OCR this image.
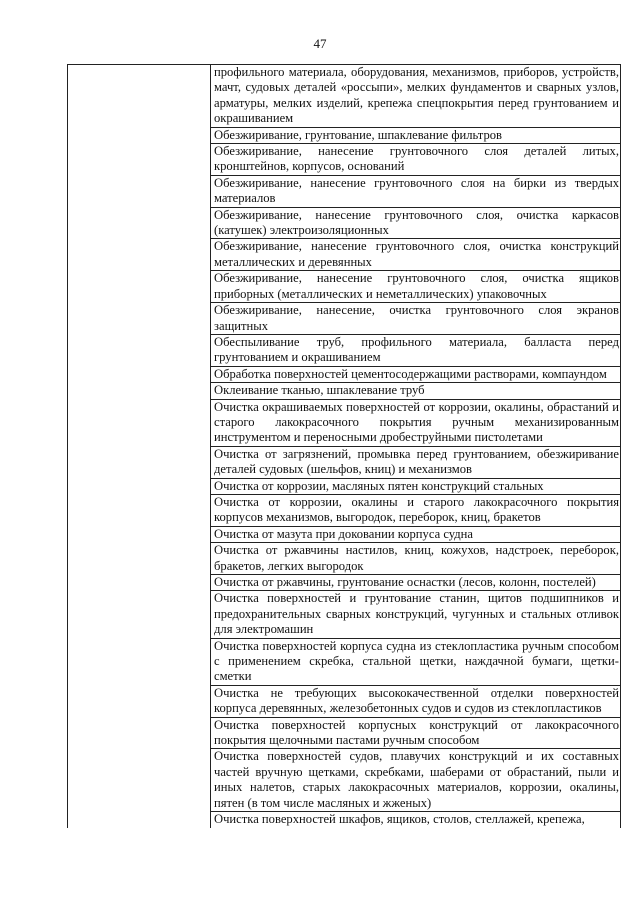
47
	профильного материала, оборудования, механизмов, приборов, устройств, мачт, судовых деталей «россыпи», мелких фундаментов и сварных узлов, арматуры, мелких изделий, крепежа спецпокрытия перед грунтованием и окрашиванием
Обезжиривание, грунтование, шпаклевание фильтров
Обезжиривание, нанесение грунтовочного слоя деталей литых, кронштейнов, корпусов, оснований
Обезжиривание, нанесение грунтовочного слоя на бирки из твердых материалов
Обезжиривание, нанесение грунтовочного слоя, очистка каркасов (катушек) электроизоляционных
Обезжиривание, нанесение грунтовочного слоя, очистка конструкций металлических и деревянных
Обезжиривание, нанесение грунтовочного слоя, очистка ящиков приборных (металлических и неметаллических) упаковочных
Обезжиривание, нанесение, очистка грунтовочного слоя экранов защитных
Обеспыливание труб, профильного материала, балласта перед грунтованием и окрашиванием
Обработка поверхностей цементосодержащими растворами, компаундом
Оклеивание тканью, шпаклевание труб
Очистка окрашиваемых поверхностей от коррозии, окалины, обрастаний и старого лакокрасочного покрытия ручным механизированным инструментом и переносными дробеструйными пистолетами
Очистка от загрязнений, промывка перед грунтованием, обезжиривание деталей судовых (шельфов, книц) и механизмов
Очистка от коррозии, масляных пятен конструкций стальных
Очистка от коррозии, окалины и старого лакокрасочного покрытия корпусов механизмов, выгородок, переборок, книц, бракетов
Очистка от мазута при доковании корпуса судна
Очистка от ржавчины настилов, книц, кожухов, надстроек, переборок, бракетов, легких выгородок
Очистка от ржавчины, грунтование оснастки (лесов, колонн, постелей)
Очистка поверхностей и грунтование станин, щитов подшипников и предохранительных сварных конструкций, чугунных и стальных отливок для электромашин
Очистка поверхностей корпуса судна из стеклопластика ручным способом с применением скребка, стальной щетки, наждачной бумаги, щетки-сметки
Очистка не требующих высококачественной отделки поверхностей корпуса деревянных, железобетонных судов и судов из стеклопластиков
Очистка поверхностей корпусных конструкций от лакокрасочного покрытия щелочными пастами ручным способом
Очистка поверхностей судов, плавучих конструкций и их составных частей вручную щетками, скребками, шаберами от обрастаний, пыли и иных налетов, старых лакокрасочных материалов, коррозии, окалины, пятен (в том числе масляных и жженых)
Очистка поверхностей шкафов, ящиков, столов, стеллажей, крепежа,
